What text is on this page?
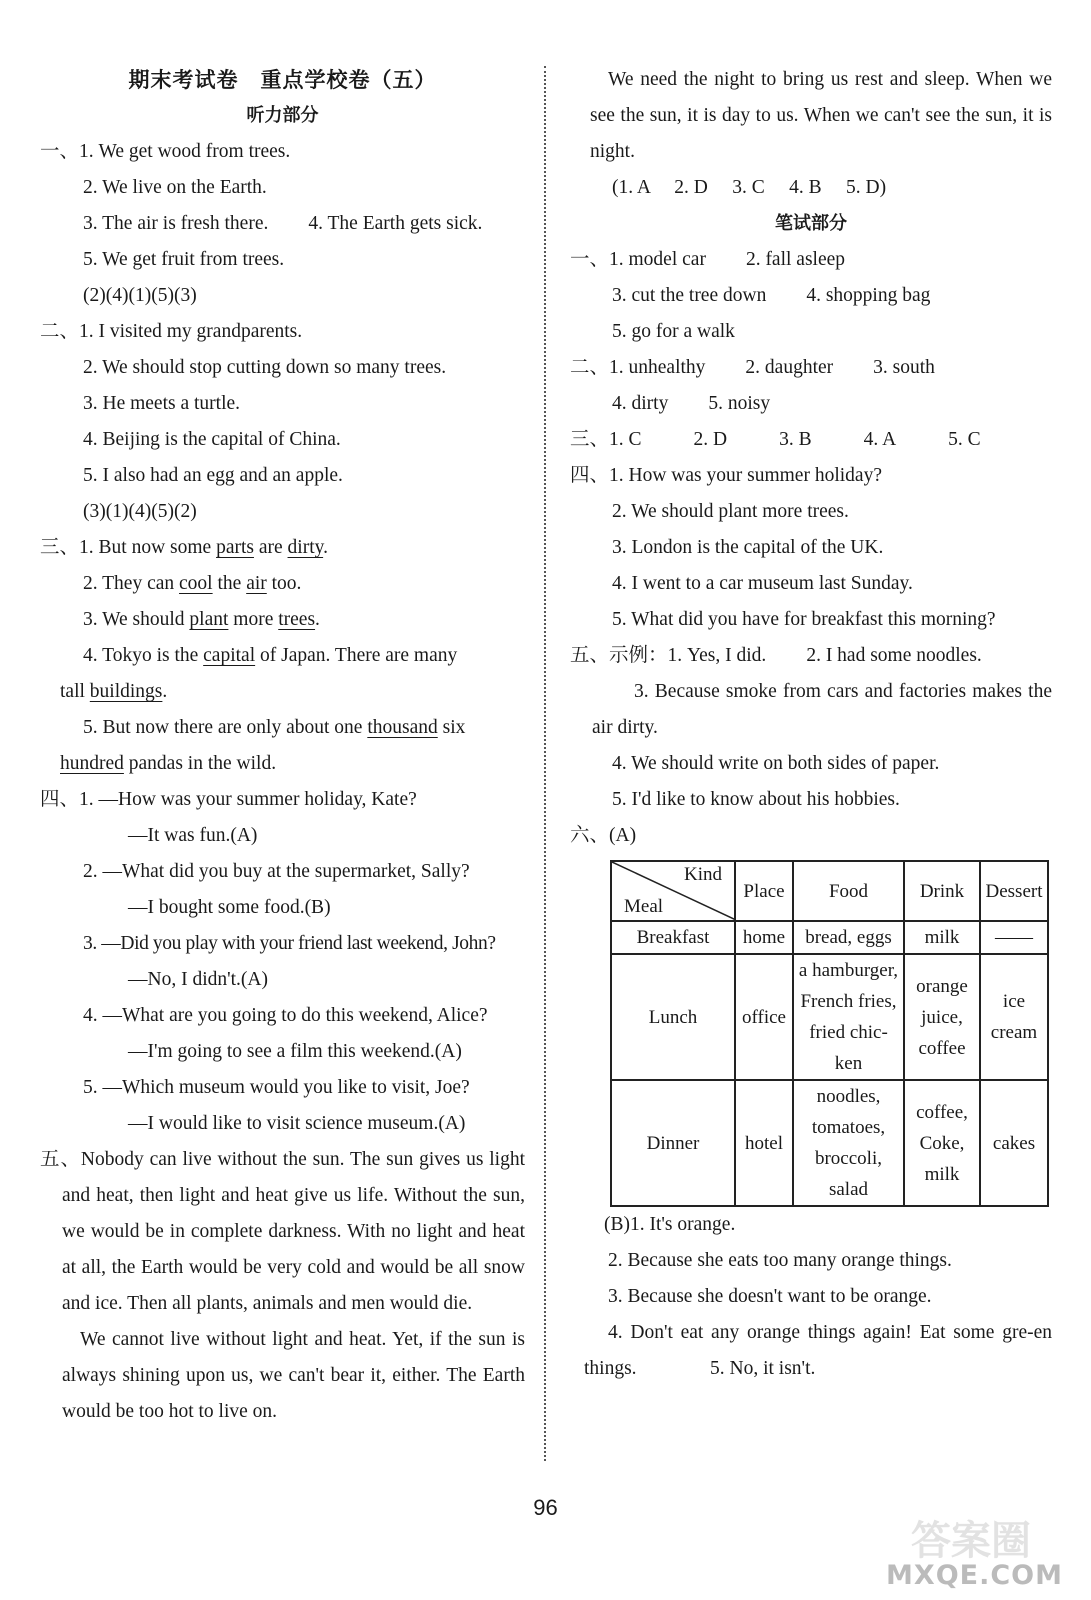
期末考试卷　重点学校卷（五）
听力部分
一、1. We get wood from trees.
2. We live on the Earth.
3. The air is fresh there. 4. The Earth gets sick.
5. We get fruit from trees.
(2)(4)(1)(5)(3)
二、1. I visited my grandparents.
2. We should stop cutting down so many trees.
3. He meets a turtle.
4. Beijing is the capital of China.
5. I also had an egg and an apple.
(3)(1)(4)(5)(2)
三、1. But now some parts are dirty.
2. They can cool the air too.
3. We should plant more trees.
4. Tokyo is the capital of Japan. There are many
tall buildings.
5. But now there are only about one thousand six
hundred pandas in the wild.
四、1. —How was your summer holiday, Kate?
—It was fun.(A)
2. —What did you buy at the supermarket, Sally?
—I bought some food.(B)
3. —Did you play with your friend last weekend, John?
—No, I didn't.(A)
4. —What are you going to do this weekend, Alice?
—I'm going to see a film this weekend.(A)
5. —Which museum would you like to visit, Joe?
—I would like to visit science museum.(A)
五、Nobody can live without the sun. The sun gives us light and heat, then light and heat give us life. Without the sun, we would be in complete darkness. With no light and heat at all, the Earth would be very cold and would be all snow and ice. Then all plants, animals and men would die.
We cannot live without light and heat. Yet, if the sun is always shining upon us, we can't bear it, either. The Earth would be too hot to live on.
We need the night to bring us rest and sleep. When we see the sun, it is day to us. When we can't see the sun, it is night.
(1. A　 2. D　 3. C　 4. B　 5. D)
笔试部分
一、1. model car 2. fall asleep
3. cut the tree down 4. shopping bag
5. go for a walk
二、1. unhealthy 2. daughter 3. south
4. dirty 5. noisy
三、1. C	2. D	3. B	4. A	5. C
四、1. How was your summer holiday?
2. We should plant more trees.
3. London is the capital of the UK.
4. I went to a car museum last Sunday.
5. What did you have for breakfast this morning?
五、示例：1. Yes, I did. 2. I had some noodles.
3. Because smoke from cars and factories makes the air dirty.
4. We should write on both sides of paper.
5. I'd like to know about his hobbies.
六、(A)
Kind
Meal	Place	Food	Drink	Dessert
Breakfast	home	bread, eggs	milk	——
Lunch	office	a hamburger, French fries, fried chic-ken	orange juice, coffee	ice cream
Dinner	hotel	noodles, tomatoes, broccoli, salad	coffee, Coke, milk	cakes
(B)1. It's orange.
2. Because she eats too many orange things.
3. Because she doesn't want to be orange.
4. Don't eat any orange things again! Eat some gre-en things.	5. No, it isn't.
96
答案圈
MXQE.COM
